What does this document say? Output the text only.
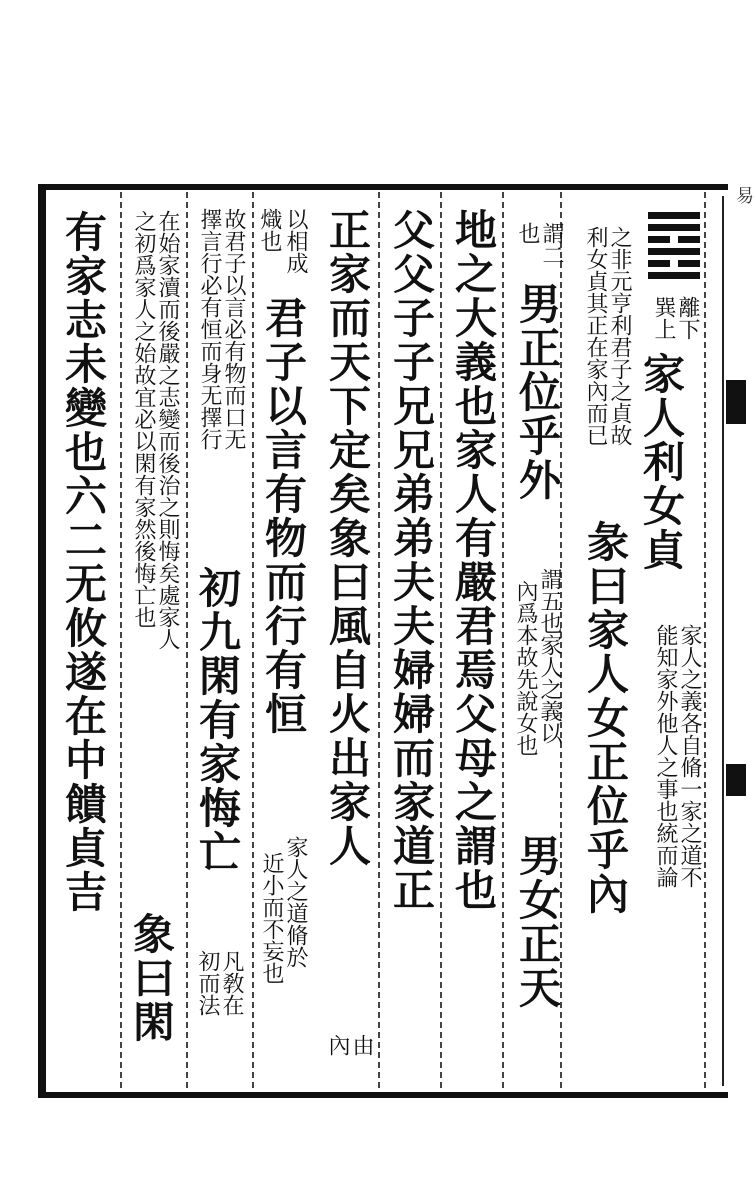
易
離下
巽上
之非元亨利君子之貞故
利女貞其正在家內而已
家人利女貞
家人之義各自脩一家之道不
能知家外他人之事也統而論
謂二
也
彖曰家人女正位乎內
男正位乎外
謂五也家人之義以
內爲本故先說女也
男女正天
地之大義也家人有嚴君焉父母之謂也
父父子子兄兄弟弟夫夫婦婦而家道正
正家而天下定矣象曰風自火出家人
由
內
以相成
熾也
君子以言有物而行有恒
家人之道脩於
近小而不妄也
故君子以言必有物而口无
擇言行必有恒而身无擇行
初九閑有家悔亡
凡敎在
初而法
在始家瀆而後嚴之志變而後治之則悔矣處家人
之初爲家人之始故宜必以閑有家然後悔亡也
象曰閑
有家志未變也六二无攸遂在中饋貞吉
